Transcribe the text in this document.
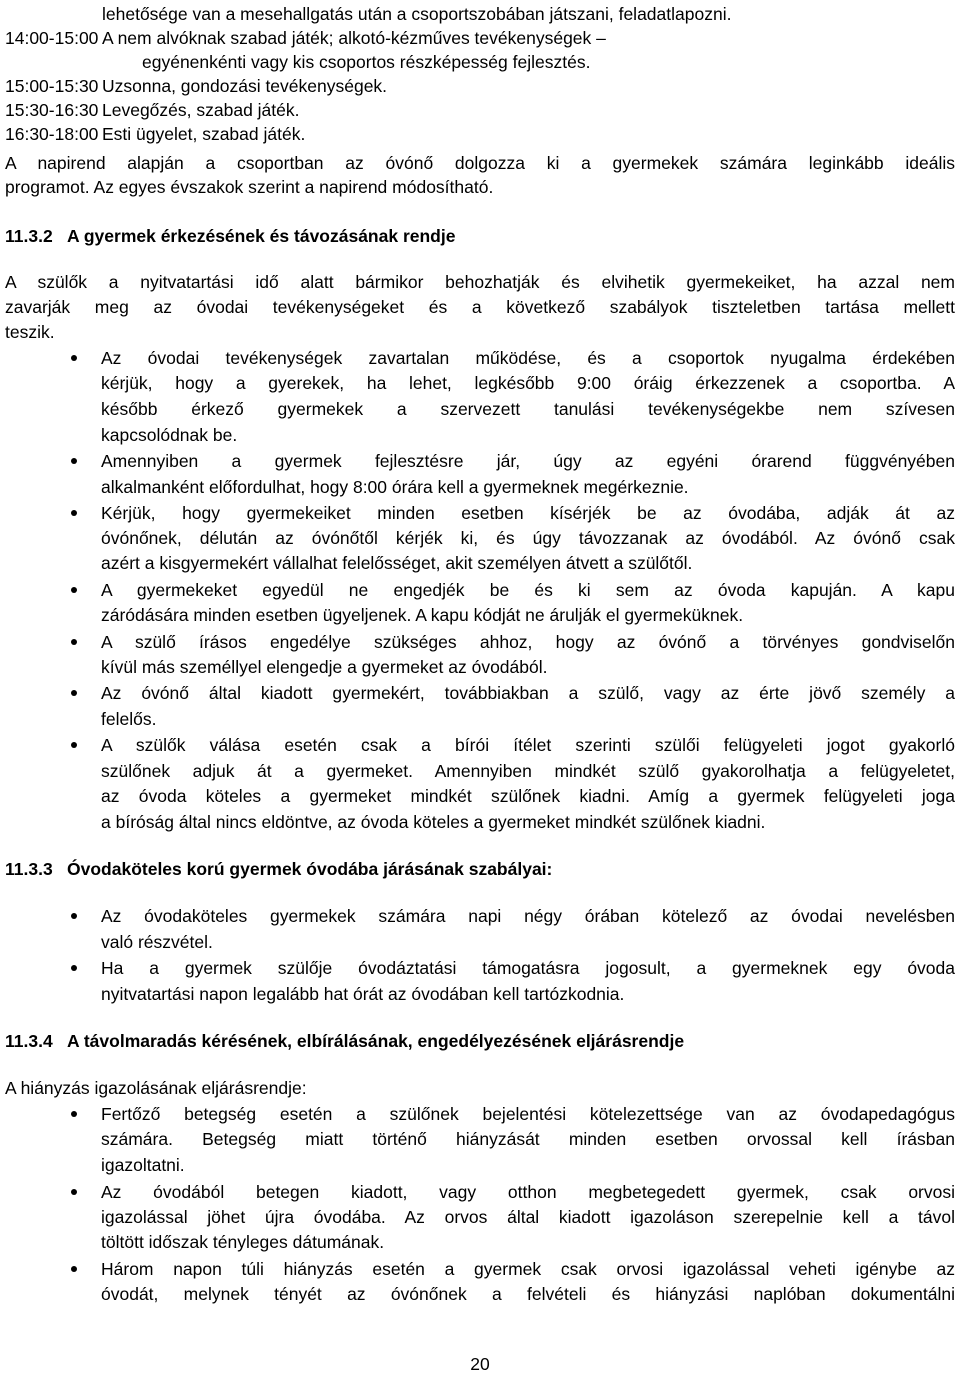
lehetősége van a mesehallgatás után a csoportszobában játszani, feladatlapozni.
14:00-15:00 A nem alvóknak szabad játék; alkotó-kézműves tevékenységek –
egyénenkénti vagy kis csoportos részképesség fejlesztés.
15:00-15:30 Uzsonna, gondozási tevékenységek.
15:30-16:30 Levegőzés, szabad játék.
16:30-18:00 Esti ügyelet, szabad játék.
A napirend alapján a csoportban az óvónő dolgozza ki a gyermekek számára leginkább ideális
programot. Az egyes évszakok szerint a napirend módosítható.
11.3.2 A gyermek érkezésének és távozásának rendje
A szülők a nyitvatartási idő alatt bármikor behozhatják és elvihetik gyermekeiket, ha azzal nem
zavarják meg az óvodai tevékenységeket és a következő szabályok tiszteletben tartása mellett
teszik.
Az óvodai tevékenységek zavartalan működése, és a csoportok nyugalma érdekében
kérjük, hogy a gyerekek, ha lehet, legkésőbb 9:00 óráig érkezzenek a csoportba. A
később érkező gyermekek a szervezett tanulási tevékenységekbe nem szívesen
kapcsolódnak be.
Amennyiben a gyermek fejlesztésre jár, úgy az egyéni órarend függvényében
alkalmanként előfordulhat, hogy 8:00 órára kell a gyermeknek megérkeznie.
Kérjük, hogy gyermekeiket minden esetben kísérjék be az óvodába, adják át az
óvónőnek, délután az óvónőtől kérjék ki, és úgy távozzanak az óvodából. Az óvónő csak
azért a kisgyermekért vállalhat felelősséget, akit személyen átvett a szülőtől.
A gyermekeket egyedül ne engedjék be és ki sem az óvoda kapuján. A kapu
záródására minden esetben ügyeljenek. A kapu kódját ne árulják el gyermeküknek.
A szülő írásos engedélye szükséges ahhoz, hogy az óvónő a törvényes gondviselőn
kívül más személlyel elengedje a gyermeket az óvodából.
Az óvónő által kiadott gyermekért, továbbiakban a szülő, vagy az érte jövő személy a
felelős.
A szülők válása esetén csak a bírói ítélet szerinti szülői felügyeleti jogot gyakorló
szülőnek adjuk át a gyermeket. Amennyiben mindkét szülő gyakorolhatja a felügyeletet,
az óvoda köteles a gyermeket mindkét szülőnek kiadni. Amíg a gyermek felügyeleti joga
a bíróság által nincs eldöntve, az óvoda köteles a gyermeket mindkét szülőnek kiadni.
11.3.3 Óvodaköteles korú gyermek óvodába járásának szabályai:
Az óvodaköteles gyermekek számára napi négy órában kötelező az óvodai nevelésben
való részvétel.
Ha a gyermek szülője óvodáztatási támogatásra jogosult, a gyermeknek egy óvoda
nyitvatartási napon legalább hat órát az óvodában kell tartózkodnia.
11.3.4 A távolmaradás kérésének, elbírálásának, engedélyezésének eljárásrendje
A hiányzás igazolásának eljárásrendje:
Fertőző betegség esetén a szülőnek bejelentési kötelezettsége van az óvodapedagógus
számára. Betegség miatt történő hiányzását minden esetben orvossal kell írásban
igazoltatni.
Az óvodából betegen kiadott, vagy otthon megbetegedett gyermek, csak orvosi
igazolással jöhet újra óvodába. Az orvos által kiadott igazoláson szerepelnie kell a távol
töltött időszak tényleges dátumának.
Három napon túli hiányzás esetén a gyermek csak orvosi igazolással veheti igénybe az
óvodát, melynek tényét az óvónőnek a felvételi és hiányzási naplóban dokumentálni
20
